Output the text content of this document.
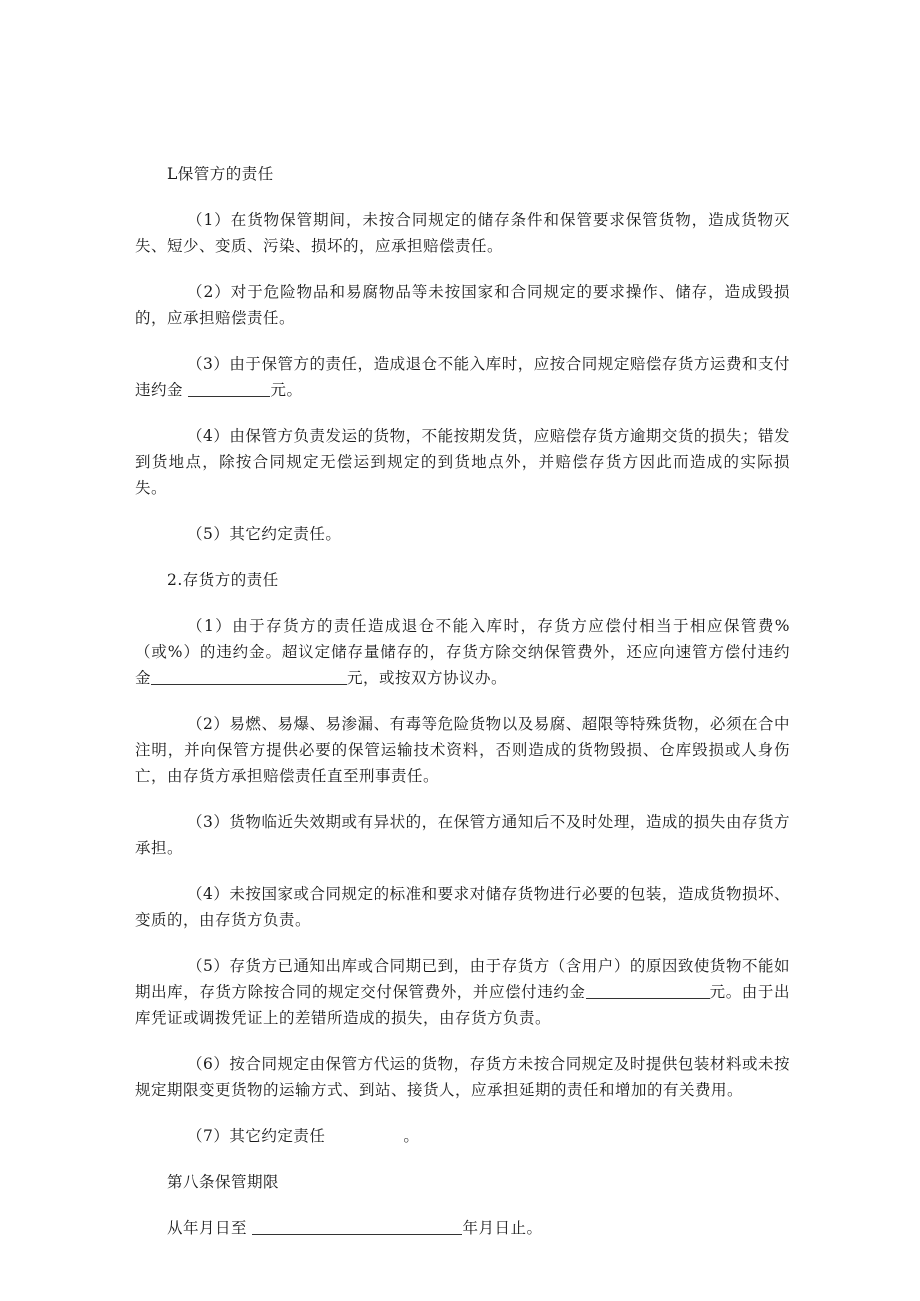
L保管方的责任

（1）在货物保管期间，未按合同规定的储存条件和保管要求保管货物，造成货物灭失、短少、变质、污染、损坏的，应承担赔偿责任。

（2）对于危险物品和易腐物品等未按国家和合同规定的要求操作、储存，造成毁损的，应承担赔偿责任。

（3）由于保管方的责任，造成退仓不能入库时，应按合同规定赔偿存货方运费和支付违约金	元。

（4）由保管方负责发运的货物，不能按期发货，应赔偿存货方逾期交货的损失；错发到货地点，除按合同规定无偿运到规定的到货地点外，并赔偿存货方因此而造成的实际损失。

（5）其它约定责任。

2.存货方的责任

（1）由于存货方的责任造成退仓不能入库时，存货方应偿付相当于相应保管费%（或%）的违约金。超议定储存量储存的，存货方除交纳保管费外，还应向速管方偿付违约金	元，或按双方协议办。

（2）易燃、易爆、易渗漏、有毒等危险货物以及易腐、超限等特殊货物，必须在合中注明，并向保管方提供必要的保管运输技术资料，否则造成的货物毁损、仓库毁损或人身伤亡，由存货方承担赔偿责任直至刑事责任。

（3）货物临近失效期或有异状的，在保管方通知后不及时处理，造成的损失由存货方承担。

（4）未按国家或合同规定的标准和要求对储存货物进行必要的包装，造成货物损坏、变质的，由存货方负责。

（5）存货方已通知出库或合同期已到，由于存货方（含用户）的原因致使货物不能如期出库，存货方除按合同的规定交付保管费外，并应偿付违约金	元。由于出库凭证或调拨凭证上的差错所造成的损失，由存货方负责。

（6）按合同规定由保管方代运的货物，存货方未按合同规定及时提供包装材料或未按规定期限变更货物的运输方式、到站、接货人，应承担延期的责任和增加的有关费用。

（7）其它约定责任	。

第八条保管期限

从年月日至	年月日止。
